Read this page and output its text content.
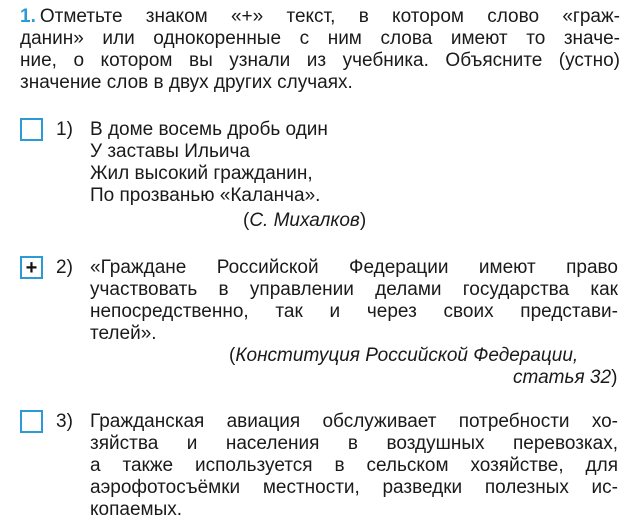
1. Отметьте знаком «+» текст, в котором слово «граж-
данин» или однокоренные с ним слова имеют то значе-
ние, о котором вы узнали из учебника. Объясните (устно)
значение слов в двух других случаях.
1) В доме восемь дробь один
У заставы Ильича
Жил высокий гражданин,
По прозванью «Каланча».
(С. Михалков)
+ 2) «Граждане Российской Федерации имеют право
участвовать в управлении делами государства как
непосредственно, так и через своих представи-
телей».
(Конституция Российской Федерации,
статья 32)
3) Гражданская авиация обслуживает потребности хо-
зяйства и населения в воздушных перевозках,
а также используется в сельском хозяйстве, для
аэрофотосъёмки местности, разведки полезных ис-
копаемых.
